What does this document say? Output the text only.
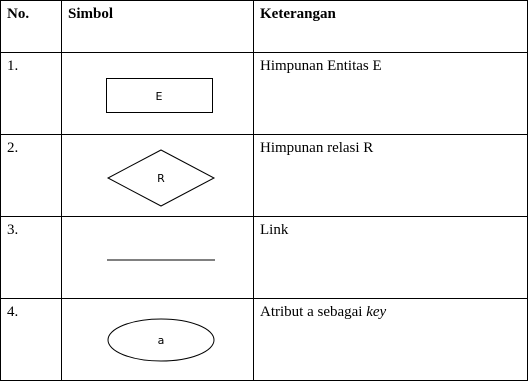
No.	Simbol	Keterangan
1.	E	Himpunan Entitas E
2.	R	Himpunan relasi R
3.		Link
4.	a	Atribut a sebagai key
